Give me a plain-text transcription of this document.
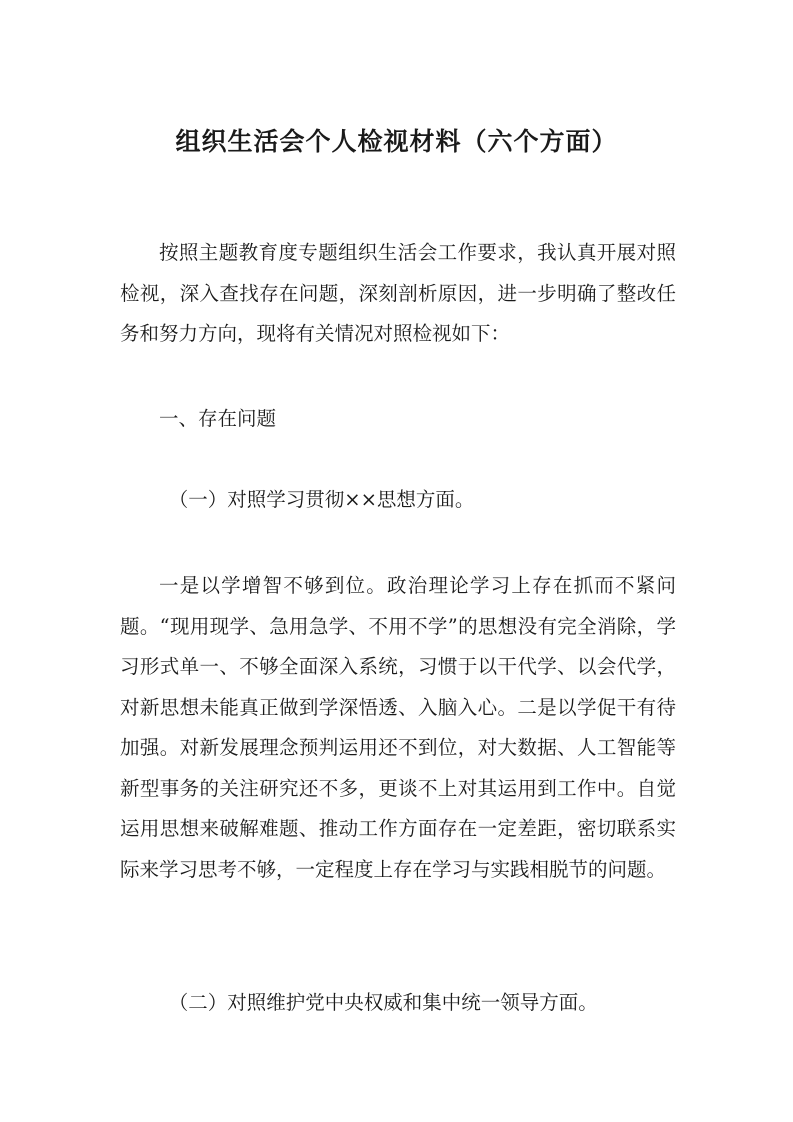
组织生活会个人检视材料（六个方面）

按照主题教育度专题组织生活会工作要求，我认真开展对照检视，深入查找存在问题，深刻剖析原因，进一步明确了整改任务和努力方向，现将有关情况对照检视如下：

一、存在问题

（一）对照学习贯彻××思想方面。

一是以学增智不够到位。政治理论学习上存在抓而不紧问题。“现用现学、急用急学、不用不学”的思想没有完全消除，学习形式单一、不够全面深入系统，习惯于以干代学、以会代学，对新思想未能真正做到学深悟透、入脑入心。二是以学促干有待加强。对新发展理念预判运用还不到位，对大数据、人工智能等新型事务的关注研究还不多，更谈不上对其运用到工作中。自觉运用思想来破解难题、推动工作方面存在一定差距，密切联系实际来学习思考不够，一定程度上存在学习与实践相脱节的问题。

（二）对照维护党中央权威和集中统一领导方面。
